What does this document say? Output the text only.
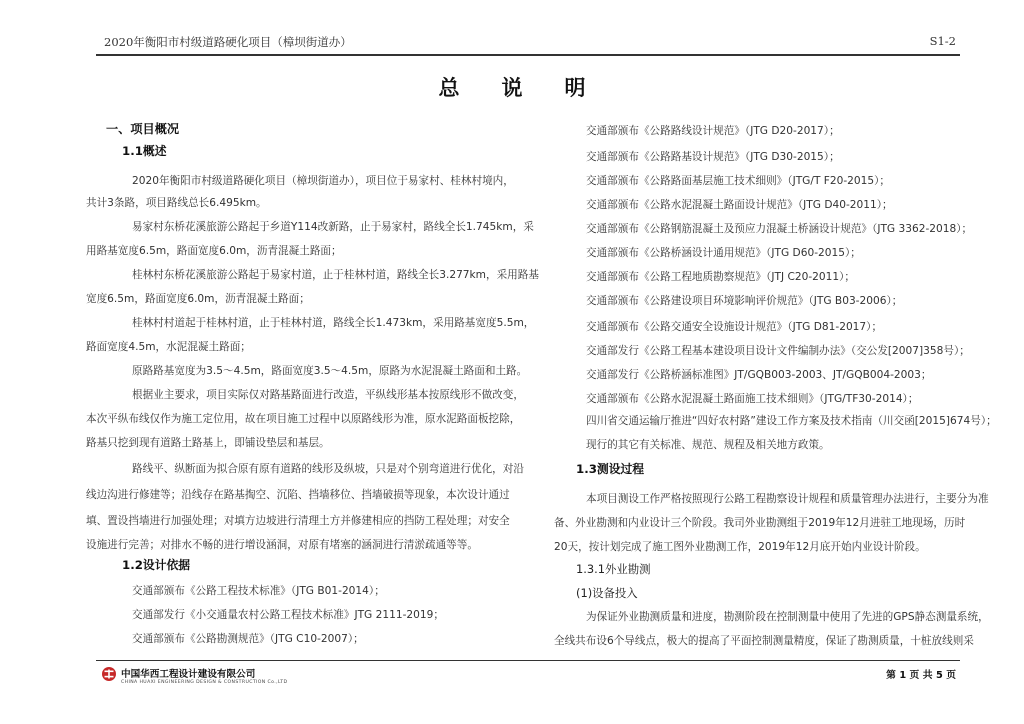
2020年衡阳市村级道路硬化项目（樟坝街道办）	S1-2
总说明
一、项目概况
1.1概述
2020年衡阳市村级道路硬化项目（樟坝街道办），项目位于易家村、桂林村境内，
共计3条路，项目路线总长6.495km。
易家村东桥花溪旅游公路起于乡道Y114改新路，止于易家村，路线全长1.745km，采
用路基宽度6.5m，路面宽度6.0m，沥青混凝土路面；
桂林村东桥花溪旅游公路起于易家村道，止于桂林村道，路线全长3.277km，采用路基
宽度6.5m，路面宽度6.0m，沥青混凝土路面；
桂林村村道起于桂林村道，止于桂林村道，路线全长1.473km，采用路基宽度5.5m，
路面宽度4.5m，水泥混凝土路面；
原路路基宽度为3.5～4.5m，路面宽度3.5～4.5m，原路为水泥混凝土路面和土路。
根据业主要求，项目实际仅对路基路面进行改造，平纵线形基本按原线形不做改变，
本次平纵布线仅作为施工定位用，故在项目施工过程中以原路线形为准，原水泥路面板挖除，
路基只挖到现有道路土路基上，即铺设垫层和基层。
路线平、纵断面为拟合原有原有道路的线形及纵坡，只是对个别弯道进行优化，对沿
线边沟进行修建等；沿线存在路基掏空、沉陷、挡墙移位、挡墙破损等现象，本次设计通过
填、置设挡墙进行加强处理；对填方边坡进行清理土方并修建相应的挡防工程处理；对安全
设施进行完善；对排水不畅的进行增设涵洞，对原有堵塞的涵洞进行清淤疏通等等。
1.2设计依据
交通部颁布《公路工程技术标准》（JTG B01-2014）；
交通部发行《小交通量农村公路工程技术标准》JTG 2111-2019；
交通部颁布《公路勘测规范》（JTG C10-2007）；
交通部颁布《公路路线设计规范》（JTG D20-2017）；
交通部颁布《公路路基设计规范》（JTG D30-2015）；
交通部颁布《公路路面基层施工技术细则》（JTG/T F20-2015）；
交通部颁布《公路水泥混凝土路面设计规范》（JTG D40-2011）；
交通部颁布《公路钢筋混凝土及预应力混凝土桥涵设计规范》（JTG 3362-2018）；
交通部颁布《公路桥涵设计通用规范》（JTG D60-2015）；
交通部颁布《公路工程地质勘察规范》（JTJ C20-2011）；
交通部颁布《公路建设项目环境影响评价规范》（JTG B03-2006）；
交通部颁布《公路交通安全设施设计规范》（JTG D81-2017）；
交通部发行《公路工程基本建设项目设计文件编制办法》（交公发[2007]358号）；
交通部发行《公路桥涵标准图》JT/GQB003-2003、JT/GQB004-2003；
交通部颁布《公路水泥混凝土路面施工技术细则》（JTG/TF30-2014）；
四川省交通运输厅推进“四好农村路”建设工作方案及技术指南（川交函[2015]674号）；
现行的其它有关标准、规范、规程及相关地方政策。
1.3测设过程
本项目测设工作严格按照现行公路工程勘察设计规程和质量管理办法进行，主要分为准
备、外业勘测和内业设计三个阶段。我司外业勘测组于2019年12月进驻工地现场，历时
20天，按计划完成了施工图外业勘测工作，2019年12月底开始内业设计阶段。
1.3.1外业勘测
(1)设备投入
为保证外业勘测质量和进度，勘测阶段在控制测量中使用了先进的GPS静态测量系统，
全线共布设6个导线点，极大的提高了平面控制测量精度，保证了勘测质量，十桩放线则采
中国华西工程设计建设有限公司
CHINA HUAXI ENGINEERING DESIGN & CONSTRUCTION Co.,LTD
第 1 页 共 5 页
